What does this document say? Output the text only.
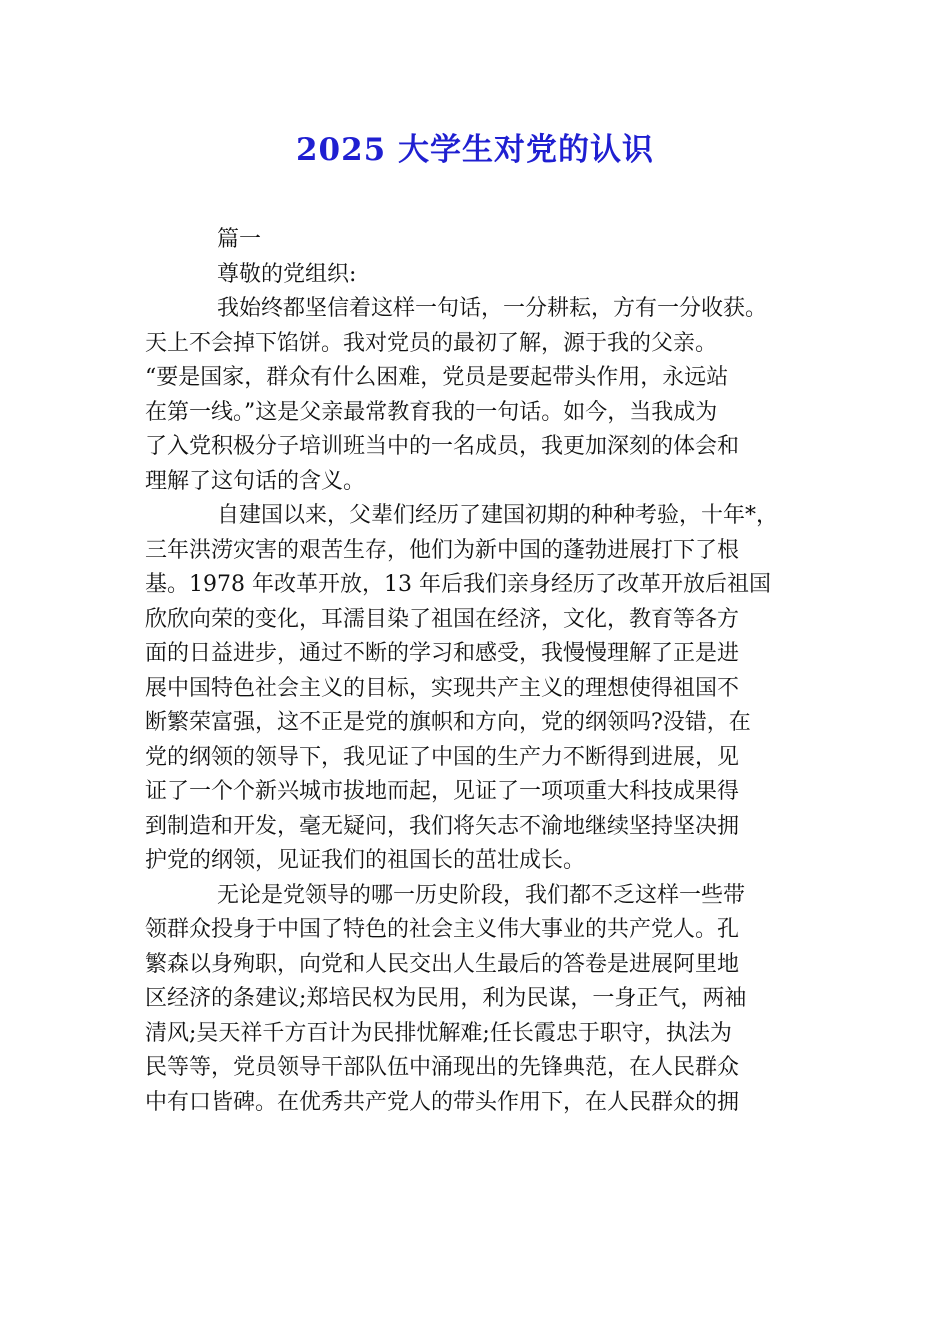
2025 大学生对党的认识
篇一
尊敬的党组织:
我始终都坚信着这样一句话，一分耕耘，方有一分收获。
天上不会掉下馅饼。我对党员的最初了解，源于我的父亲。
“要是国家，群众有什么困难，党员是要起带头作用，永远站
在第一线。”这是父亲最常教育我的一句话。如今，当我成为
了入党积极分子培训班当中的一名成员，我更加深刻的体会和
理解了这句话的含义。
自建国以来，父辈们经历了建国初期的种种考验，十年*，
三年洪涝灾害的艰苦生存，他们为新中国的蓬勃进展打下了根
基。1978 年改革开放，13 年后我们亲身经历了改革开放后祖国
欣欣向荣的变化，耳濡目染了祖国在经济，文化，教育等各方
面的日益进步，通过不断的学习和感受，我慢慢理解了正是进
展中国特色社会主义的目标，实现共产主义的理想使得祖国不
断繁荣富强，这不正是党的旗帜和方向，党的纲领吗?没错，在
党的纲领的领导下，我见证了中国的生产力不断得到进展，见
证了一个个新兴城市拔地而起，见证了一项项重大科技成果得
到制造和开发，毫无疑问，我们将矢志不渝地继续坚持坚决拥
护党的纲领，见证我们的祖国长的茁壮成长。
无论是党领导的哪一历史阶段，我们都不乏这样一些带
领群众投身于中国了特色的社会主义伟大事业的共产党人。孔
繁森以身殉职，向党和人民交出人生最后的答卷是进展阿里地
区经济的条建议;郑培民权为民用，利为民谋，一身正气，两袖
清风;吴天祥千方百计为民排忧解难;任长霞忠于职守，执法为
民等等，党员领导干部队伍中涌现出的先锋典范，在人民群众
中有口皆碑。在优秀共产党人的带头作用下，在人民群众的拥
